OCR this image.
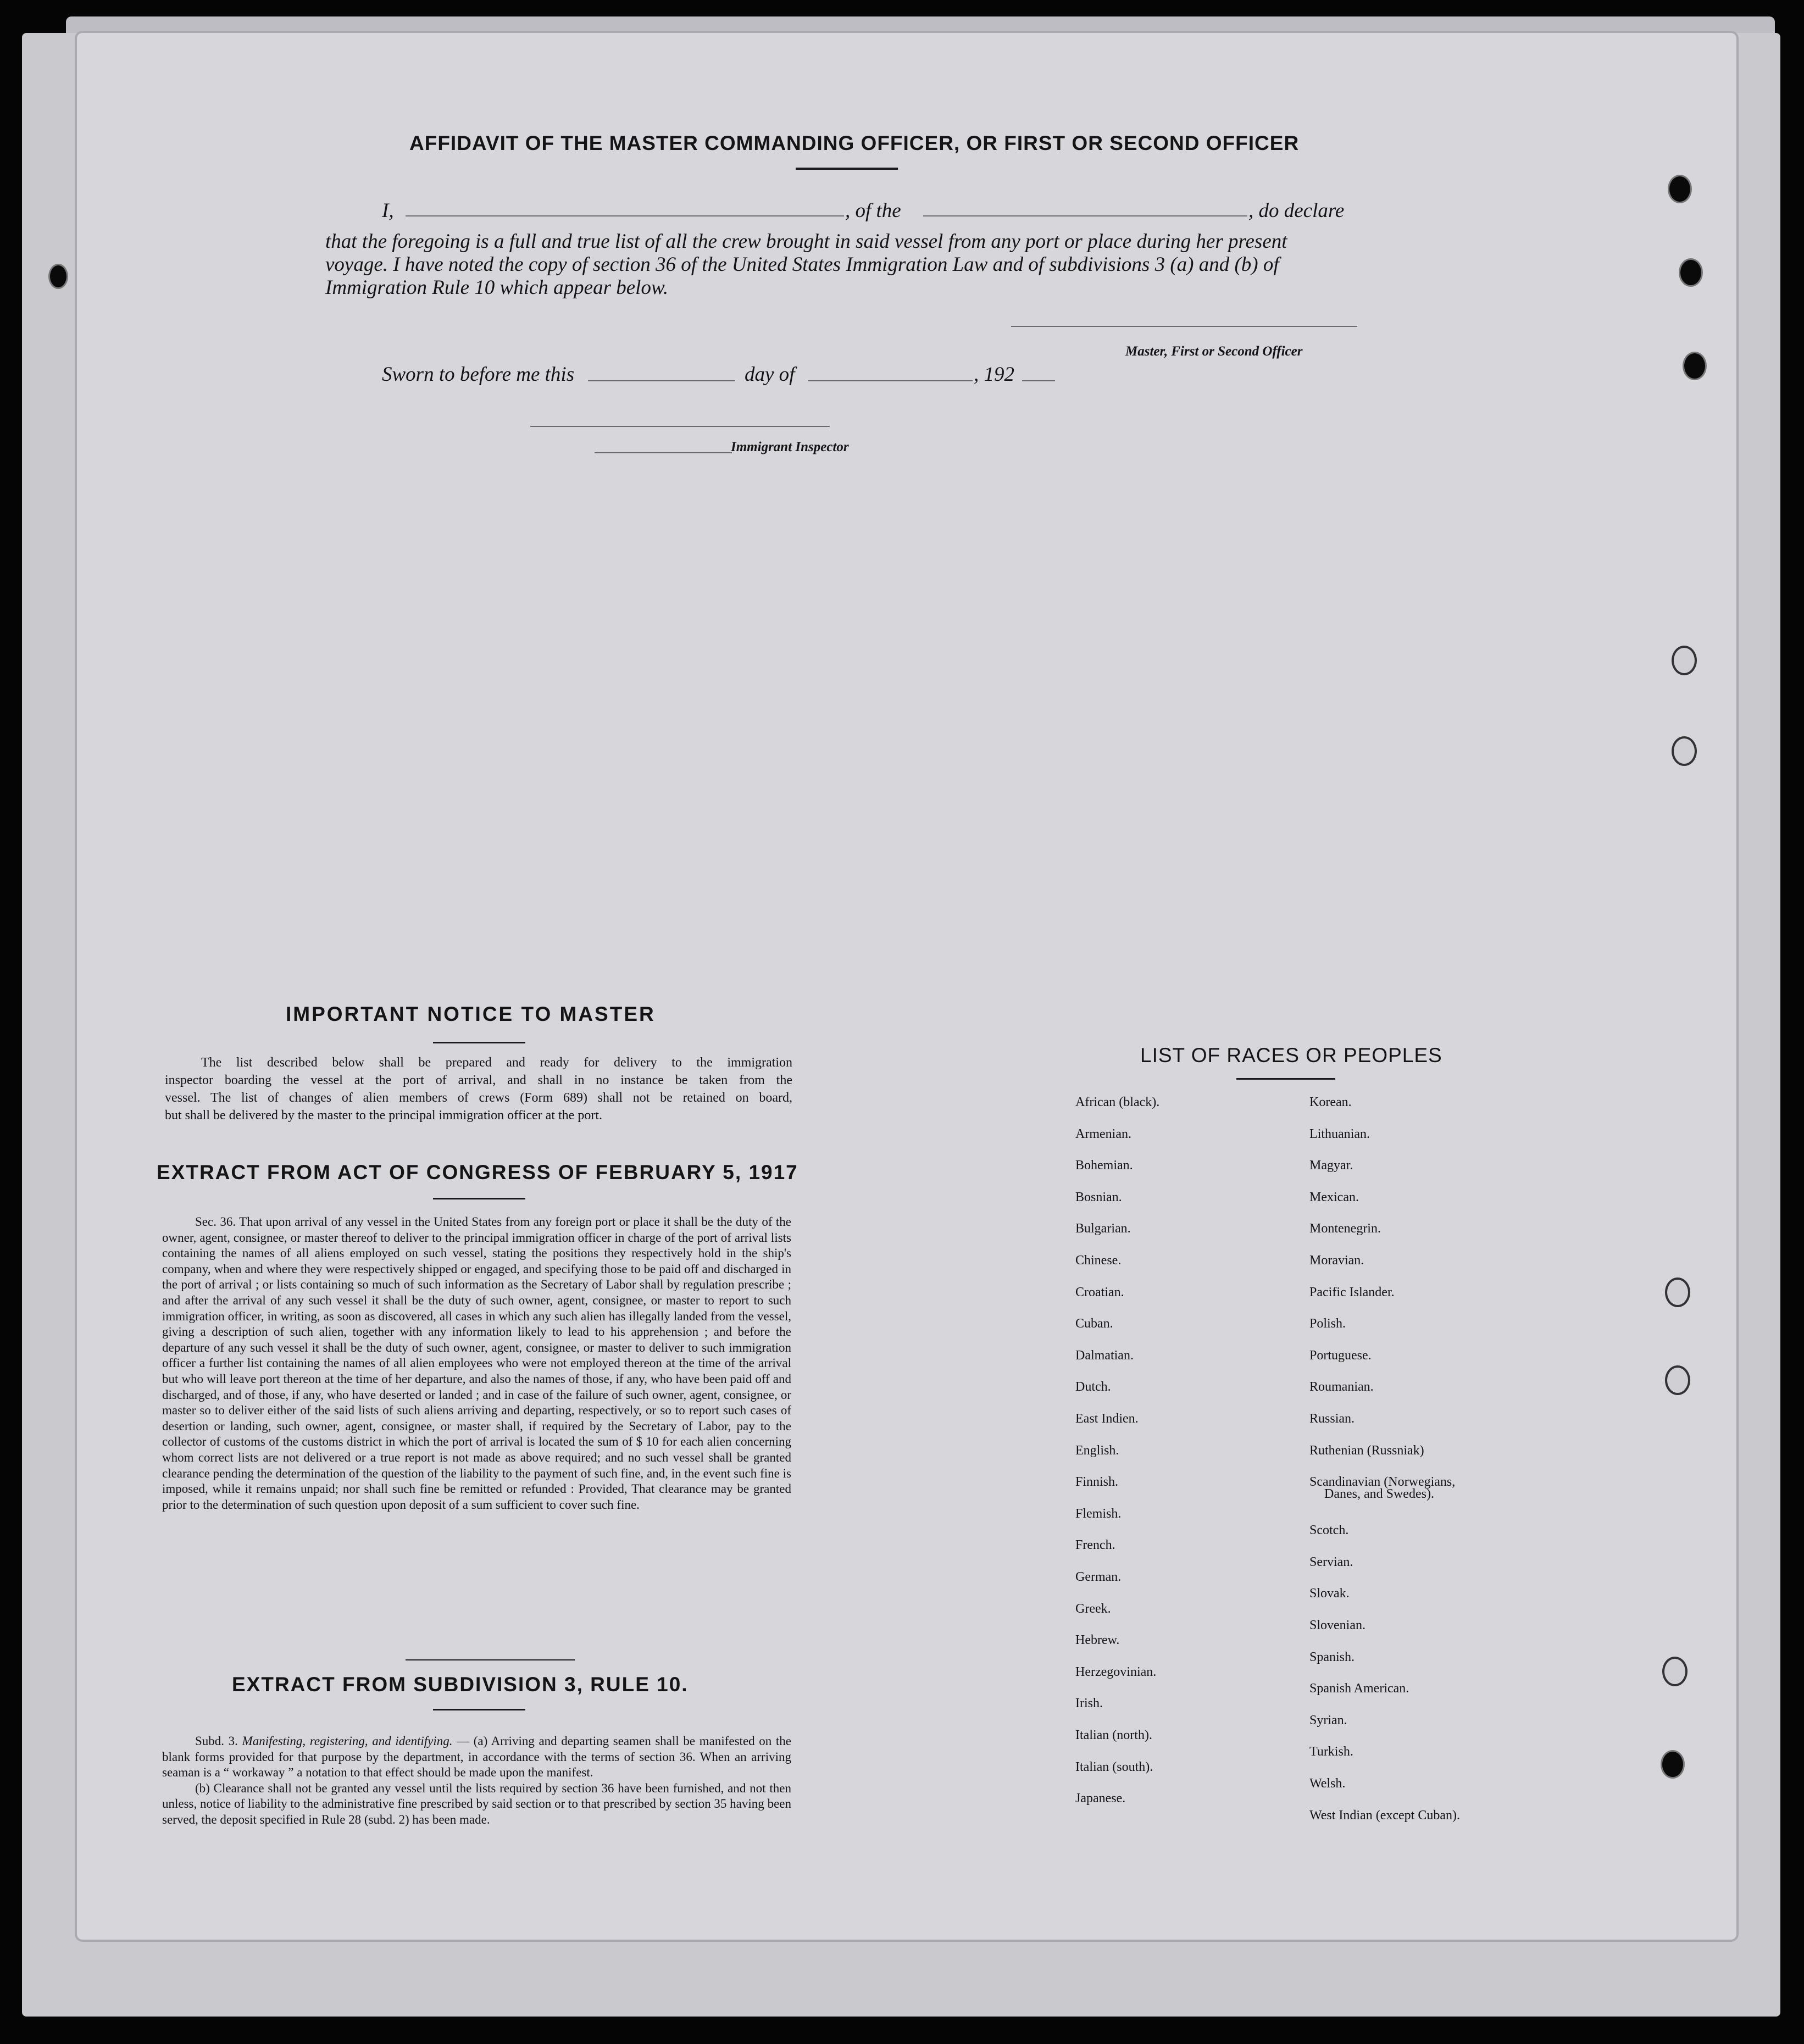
AFFIDAVIT OF THE MASTER COMMANDING OFFICER, OR FIRST OR SECOND OFFICER
I,	, of the	, do declare
that the foregoing is a full and true list of all the crew brought in said vessel from any port or place during her present
voyage. I have noted the copy of section 36 of the United States Immigration Law and of subdivisions 3 (a) and (b) of
Immigration Rule 10 which appear below.
Master, First or Second Officer
Sworn to before me this	day of	, 192
Immigrant Inspector
IMPORTANT NOTICE TO MASTER
The list described below shall be prepared and ready for delivery to the immigration
inspector boarding the vessel at the port of arrival, and shall in no instance be taken from the
vessel. The list of changes of alien members of crews (Form 689) shall not be retained on board,
but shall be delivered by the master to the principal immigration officer at the port.
EXTRACT FROM ACT OF CONGRESS OF FEBRUARY 5, 1917
Sec. 36. That upon arrival of any vessel in the United States from any foreign port or place it shall be the duty of the owner, agent, consignee, or master thereof to deliver to the principal immigration officer in charge of the port of arrival lists containing the names of all aliens employed on such vessel, stating the positions they respectively hold in the ship's company, when and where they were respectively shipped or engaged, and specifying those to be paid off and discharged in the port of arrival ; or lists containing so much of such information as the Secretary of Labor shall by regulation prescribe ; and after the arrival of any such vessel it shall be the duty of such owner, agent, consignee, or master to report to such immigration officer, in writing, as soon as discovered, all cases in which any such alien has illegally landed from the vessel, giving a description of such alien, together with any information likely to lead to his apprehension ; and before the departure of any such vessel it shall be the duty of such owner, agent, consignee, or master to deliver to such immigration officer a further list containing the names of all alien employees who were not employed thereon at the time of the arrival but who will leave port thereon at the time of her departure, and also the names of those, if any, who have been paid off and discharged, and of those, if any, who have deserted or landed ; and in case of the failure of such owner, agent, consignee, or master so to deliver either of the said lists of such aliens arriving and departing, respectively, or so to report such cases of desertion or landing, such owner, agent, consignee, or master shall, if required by the Secretary of Labor, pay to the collector of customs of the customs district in which the port of arrival is located the sum of $ 10 for each alien concerning whom correct lists are not delivered or a true report is not made as above required; and no such vessel shall be granted clearance pending the determination of the question of the liability to the payment of such fine, and, in the event such fine is imposed, while it remains unpaid; nor shall such fine be remitted or refunded : Provided, That clearance may be granted prior to the determination of such question upon deposit of a sum sufficient to cover such fine.
EXTRACT FROM SUBDIVISION 3, RULE 10.
Subd. 3. Manifesting, registering, and identifying. — (a) Arriving and departing seamen shall be manifested on the blank forms provided for that purpose by the department, in accordance with the terms of section 36. When an arriving seaman is a “ workaway ” a notation to that effect should be made upon the manifest.
(b) Clearance shall not be granted any vessel until the lists required by section 36 have been furnished, and not then unless, notice of liability to the administrative fine prescribed by said section or to that prescribed by section 35 having been served, the deposit specified in Rule 28 (subd. 2) has been made.
LIST OF RACES OR PEOPLES
African (black).
Armenian.
Bohemian.
Bosnian.
Bulgarian.
Chinese.
Croatian.
Cuban.
Dalmatian.
Dutch.
East Indien.
English.
Finnish.
Flemish.
French.
German.
Greek.
Hebrew.
Herzegovinian.
Irish.
Italian (north).
Italian (south).
Japanese.
Korean.
Lithuanian.
Magyar.
Mexican.
Montenegrin.
Moravian.
Pacific Islander.
Polish.
Portuguese.
Roumanian.
Russian.
Ruthenian (Russniak)
Scandinavian (Norwegians,
Scotch.
Servian.
Slovak.
Slovenian.
Spanish.
Spanish American.
Syrian.
Turkish.
Welsh.
West Indian (except Cuban).
Danes, and Swedes).
